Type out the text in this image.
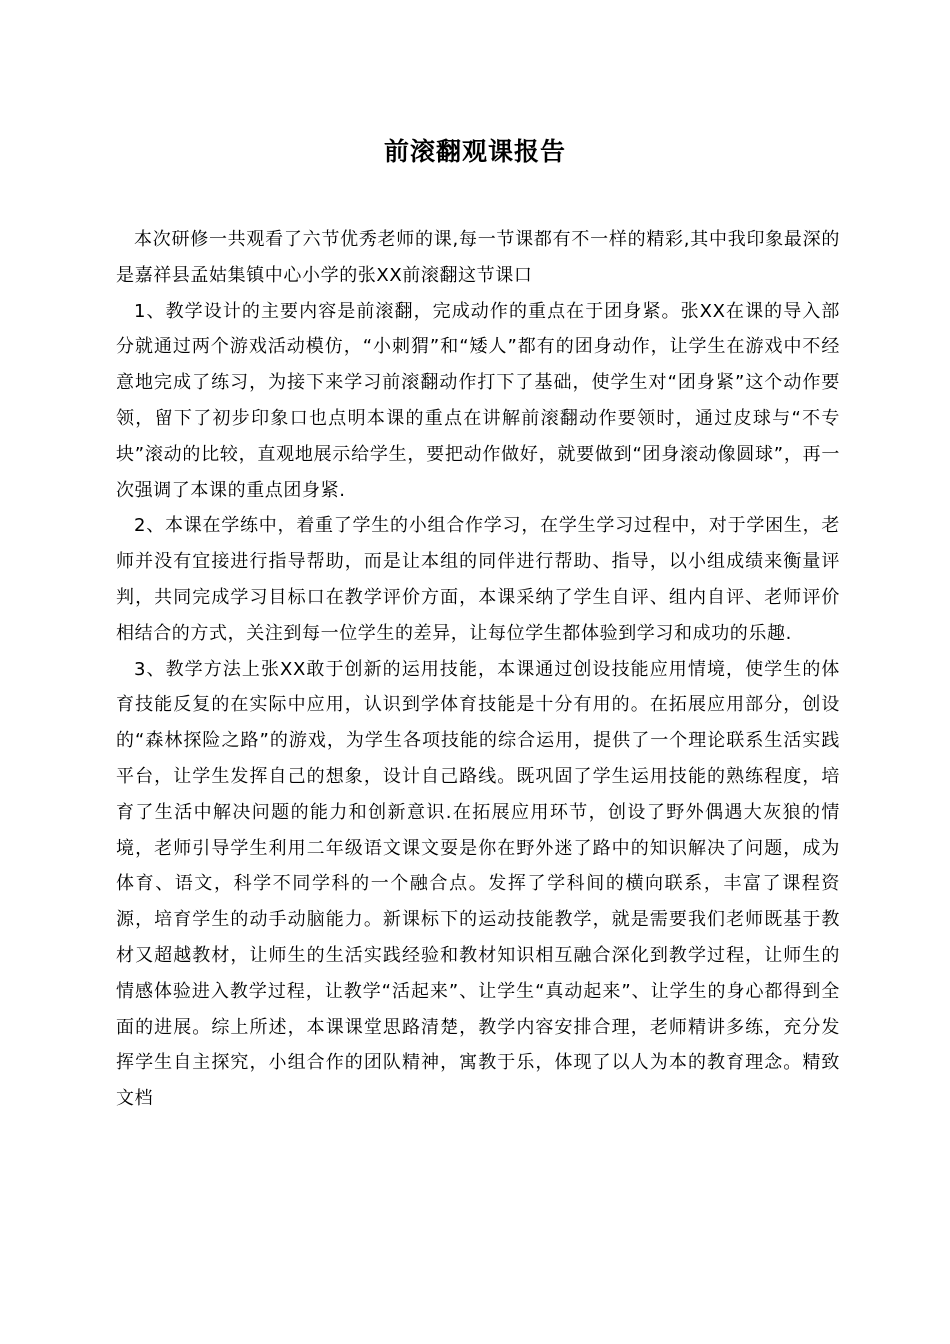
前滚翻观课报告

本次研修一共观看了六节优秀老师的课,每一节课都有不一样的精彩,其中我印象最深的是嘉祥县孟姑集镇中心小学的张XX前滚翻这节课口

1、教学设计的主要内容是前滚翻，完成动作的重点在于团身紧。张XX在课的导入部分就通过两个游戏活动模仿，“小刺猬”和“矮人”都有的团身动作，让学生在游戏中不经意地完成了练习，为接下来学习前滚翻动作打下了基础，使学生对“团身紧”这个动作要领，留下了初步印象口也点明本课的重点在讲解前滚翻动作要领时，通过皮球与“不专块”滚动的比较，直观地展示给学生，要把动作做好，就要做到“团身滚动像圆球”，再一次强调了本课的重点团身紧.

2、本课在学练中，着重了学生的小组合作学习，在学生学习过程中，对于学困生，老师并没有宜接进行指导帮助，而是让本组的同伴进行帮助、指导，以小组成绩来衡量评判，共同完成学习目标口在教学评价方面，本课采纳了学生自评、组内自评、老师评价相结合的方式，关注到每一位学生的差异，让每位学生都体验到学习和成功的乐趣.

3、教学方法上张XX敢于创新的运用技能，本课通过创设技能应用情境，使学生的体育技能反复的在实际中应用，认识到学体育技能是十分有用的。在拓展应用部分，创设的“森林探险之路”的游戏，为学生各项技能的综合运用，提供了一个理论联系生活实践平台，让学生发挥自己的想象，设计自己路线。既巩固了学生运用技能的熟练程度，培育了生活中解决问题的能力和创新意识.在拓展应用环节，创设了野外偶遇大灰狼的情境，老师引导学生利用二年级语文课文耍是你在野外迷了路中的知识解决了问题，成为体育、语文，科学不同学科的一个融合点。发挥了学科间的横向联系，丰富了课程资源，培育学生的动手动脑能力。新课标下的运动技能教学，就是需要我们老师既基于教材又超越教材，让师生的生活实践经验和教材知识相互融合深化到教学过程，让师生的情感体验进入教学过程，让教学“活起来”、让学生“真动起来”、让学生的身心都得到全面的进展。综上所述，本课课堂思路清楚，教学内容安排合理，老师精讲多练，充分发挥学生自主探究，小组合作的团队精神，寓教于乐，体现了以人为本的教育理念。精致文档
